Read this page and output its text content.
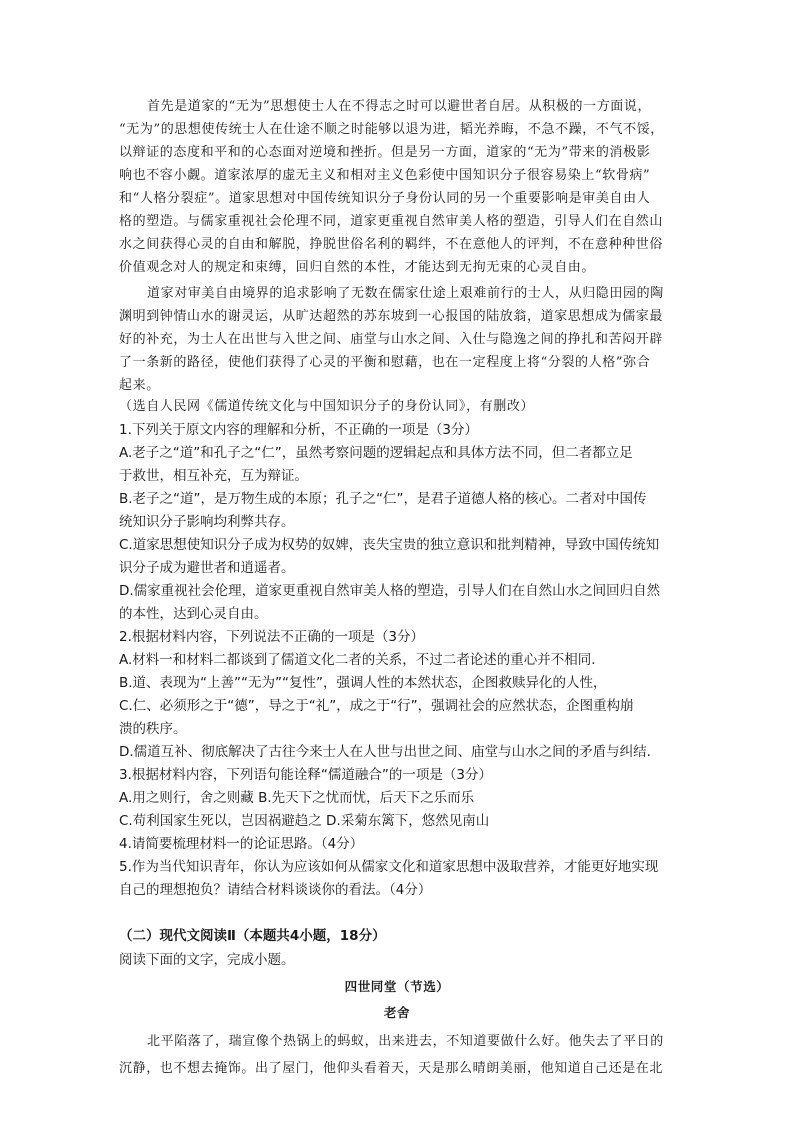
首先是道家的“无为”思想使士人在不得志之时可以避世者自居。从积极的一方面说，
“无为”的思想使传统士人在仕途不顺之时能够以退为进，韬光养晦，不急不躁，不气不馁，
以辩证的态度和平和的心态面对逆境和挫折。但是另一方面，道家的“无为”带来的消极影
响也不容小觑。道家浓厚的虚无主义和相对主义色彩使中国知识分子很容易染上“软骨病”
和“人格分裂症”。道家思想对中国传统知识分子身份认同的另一个重要影响是审美自由人
格的塑造。与儒家重视社会伦理不同，道家更重视自然审美人格的塑造，引导人们在自然山
水之间获得心灵的自由和解脱，挣脱世俗名利的羁绊，不在意他人的评判，不在意种种世俗
价值观念对人的规定和束缚，回归自然的本性，才能达到无拘无束的心灵自由。
道家对审美自由境界的追求影响了无数在儒家仕途上艰难前行的士人，从归隐田园的陶
渊明到钟情山水的谢灵运，从旷达超然的苏东坡到一心报国的陆放翁，道家思想成为儒家最
好的补充，为士人在出世与入世之间、庙堂与山水之间、入仕与隐逸之间的挣扎和苦闷开辟
了一条新的路径，使他们获得了心灵的平衡和慰藉，也在一定程度上将“分裂的人格”弥合
起来。
（选自人民网《儒道传统文化与中国知识分子的身份认同》，有删改）
1.下列关于原文内容的理解和分析，不正确的一项是（3分）
A.老子之“道”和孔子之“仁”，虽然考察问题的逻辑起点和具体方法不同，但二者都立足
于救世，相互补充，互为辩证。
B.老子之“道”，是万物生成的本原；孔子之“仁”，是君子道德人格的核心。二者对中国传
统知识分子影响均利弊共存。
C.道家思想使知识分子成为权势的奴婢，丧失宝贵的独立意识和批判精神，导致中国传统知
识分子成为避世者和逍遥者。
D.儒家重视社会伦理，道家更重视自然审美人格的塑造，引导人们在自然山水之间回归自然
的本性，达到心灵自由。
2.根据材料内容，下列说法不正确的一项是（3分）
A.材料一和材料二都谈到了儒道文化二者的关系，不过二者论述的重心并不相同.
B.道、表现为“上善”“无为”“复性”，强调人性的本然状态，企图救赎异化的人性，
C.仁、必须形之于“德”，导之于“礼”，成之于“行”，强调社会的应然状态，企图重构崩
溃的秩序。
D.儒道互补、彻底解决了古往今来士人在人世与出世之间、庙堂与山水之间的矛盾与纠结.
3.根据材料内容，下列语句能诠释“儒道融合”的一项是（3分）
A.用之则行，舍之则藏 B.先天下之忧而忧，后天下之乐而乐
C.苟利国家生死以，岂因祸避趋之 D.采菊东篱下，悠然见南山
4.请简要梳理材料一的论证思路。（4分）
5.作为当代知识青年，你认为应该如何从儒家文化和道家思想中汲取营养，才能更好地实现
自己的理想抱负？请结合材料谈谈你的看法。（4分）
（二）现代文阅读Ⅱ（本题共4小题，18分）
阅读下面的文字，完成小题。
四世同堂（节选）
老舍
北平陷落了，瑞宣像个热锅上的蚂蚁，出来进去，不知道要做什么好。他失去了平日的
沉静，也不想去掩饰。出了屋门，他仰头看着天，天是那么晴朗美丽，他知道自己还是在北
